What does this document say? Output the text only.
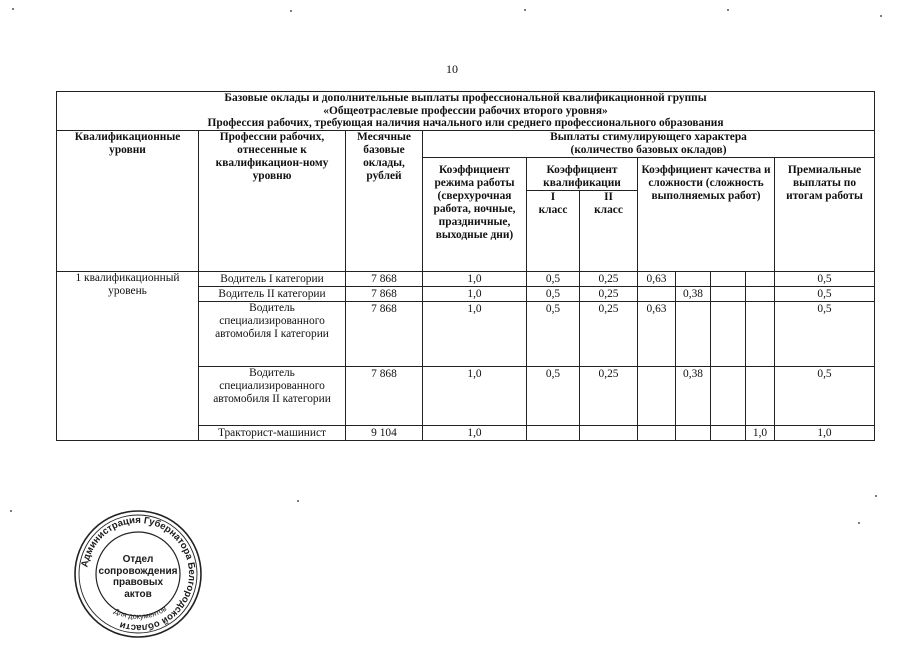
10
Базовые оклады и дополнительные выплаты профессиональной квалификационной группы
«Общеотраслевые профессии рабочих второго уровня»
Профессия рабочих, требующая наличия начального или среднего профессионального образования										

Квалификационные уровни	Профессии рабочих, отнесенные к квалификацион-ному уровню	Месячные базовые оклады, рублей	Выплаты стимулирующего характера (количество базовых окладов)							
			Коэффициент режима работы (сверхурочная работа, ночные, праздничные, выходные дни)	Коэффициент квалификации		Коэффициент качества и сложности (сложность выполняемых работ)				Премиальные выплаты по итогам работы
				I класс	II класс					
1 квалификационный уровень	Водитель I категории	7 868	1,0	0,5	0,25	0,63				0,5
	Водитель II категории	7 868	1,0	0,5	0,25		0,38			0,5
	Водитель специализированного автомобиля I категории	7 868	1,0	0,5	0,25	0,63				0,5
	Водитель специализированного автомобиля II категории	7 868	1,0	0,5	0,25		0,38			0,5
	Тракторист-машинист	9 104	1,0						1,0	1,0
Администрация Губернатора Белгородской области
Для документов
Отдел
сопровождения
правовых
актов
